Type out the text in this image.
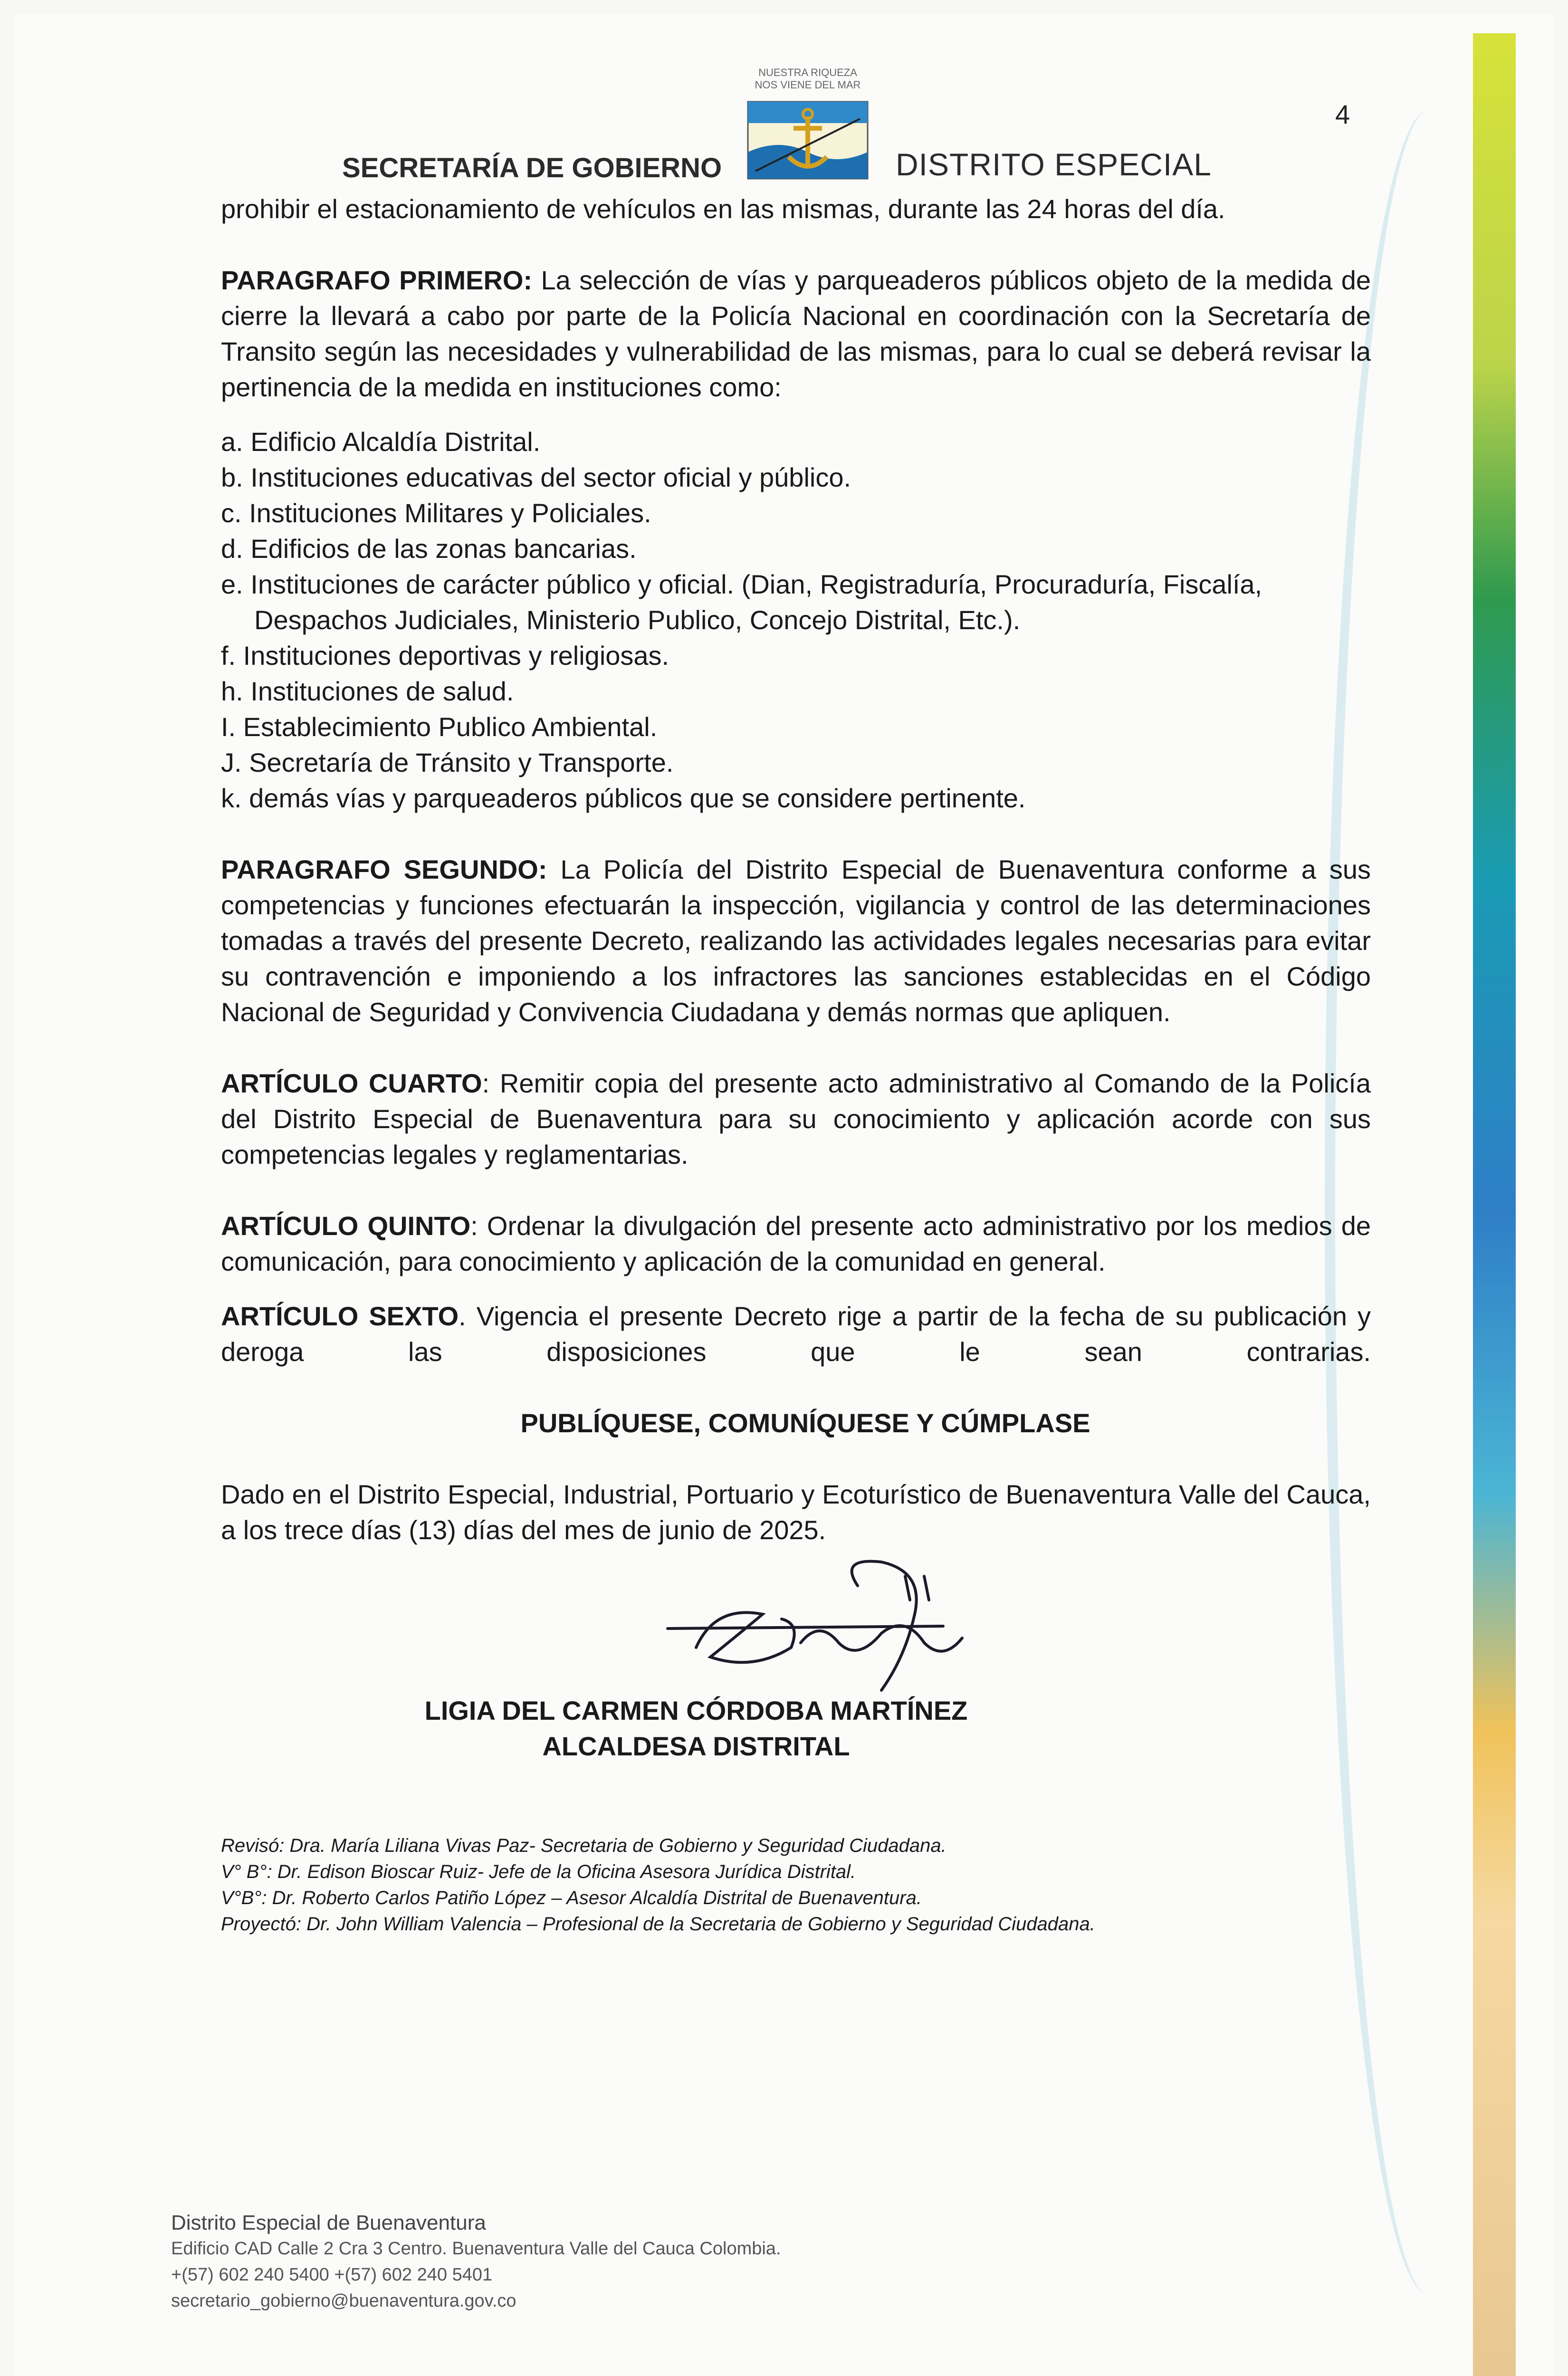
NUESTRA RIQUEZA
NOS VIENE DEL MAR
SECRETARÍA DE GOBIERNO	DISTRITO ESPECIAL
4

prohibir el estacionamiento de vehículos en las mismas, durante las 24 horas del día.

PARAGRAFO PRIMERO: La selección de vías y parqueaderos públicos objeto de la medida de cierre la llevará a cabo por parte de la Policía Nacional en coordinación con la Secretaría de Transito según las necesidades y vulnerabilidad de las mismas, para lo cual se deberá revisar la pertinencia de la medida en instituciones como:

a. Edificio Alcaldía Distrital.

b. Instituciones educativas del sector oficial y público.

c. Instituciones Militares y Policiales.

d. Edificios de las zonas bancarias.

e. Instituciones de carácter público y oficial. (Dian, Registraduría, Procuraduría, Fiscalía, Despachos Judiciales, Ministerio Publico, Concejo Distrital, Etc.).

f. Instituciones deportivas y religiosas.

h. Instituciones de salud.

I. Establecimiento Publico Ambiental.

J. Secretaría de Tránsito y Transporte.

k. demás vías y parqueaderos públicos que se considere pertinente.

PARAGRAFO SEGUNDO: La Policía del Distrito Especial de Buenaventura conforme a sus competencias y funciones efectuarán la inspección, vigilancia y control de las determinaciones tomadas a través del presente Decreto, realizando las actividades legales necesarias para evitar su contravención e imponiendo a los infractores las sanciones establecidas en el Código Nacional de Seguridad y Convivencia Ciudadana y demás normas que apliquen.

ARTÍCULO CUARTO: Remitir copia del presente acto administrativo al Comando de la Policía del Distrito Especial de Buenaventura para su conocimiento y aplicación acorde con sus competencias legales y reglamentarias.

ARTÍCULO QUINTO: Ordenar la divulgación del presente acto administrativo por los medios de comunicación, para conocimiento y aplicación de la comunidad en general.

ARTÍCULO SEXTO. Vigencia el presente Decreto rige a partir de la fecha de su publicación y deroga las disposiciones que le sean contrarias.

PUBLÍQUESE, COMUNÍQUESE Y CÚMPLASE

Dado en el Distrito Especial, Industrial, Portuario y Ecoturístico de Buenaventura Valle del Cauca, a los trece días (13) días del mes de junio de 2025.

LIGIA DEL CARMEN CÓRDOBA MARTÍNEZ
ALCALDESA DISTRITAL

Revisó: Dra. María Liliana Vivas Paz- Secretaria de Gobierno y Seguridad Ciudadana.

V° B°: Dr. Edison Bioscar Ruiz- Jefe de la Oficina Asesora Jurídica Distrital.

V°B°: Dr. Roberto Carlos Patiño López – Asesor Alcaldía Distrital de Buenaventura.

Proyectó: Dr. John William Valencia – Profesional de la Secretaria de Gobierno y Seguridad Ciudadana.

Distrito Especial de Buenaventura
Edificio CAD Calle 2 Cra 3 Centro. Buenaventura Valle del Cauca Colombia.
+(57) 602 240 5400 +(57) 602 240 5401
secretario_gobierno@buenaventura.gov.co
